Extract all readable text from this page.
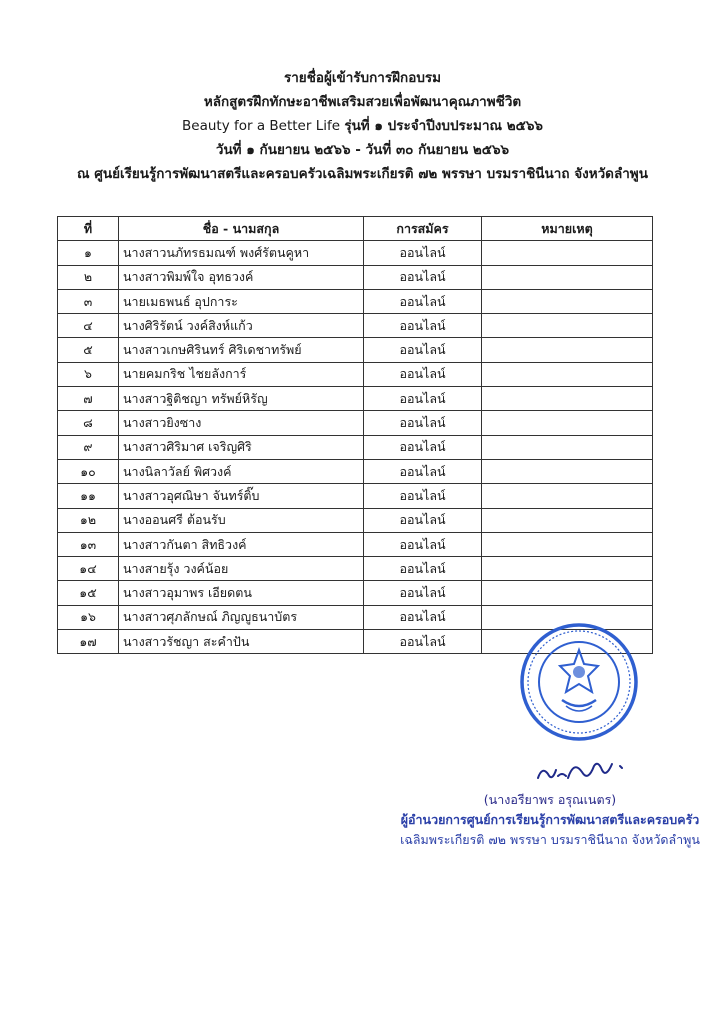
รายชื่อผู้เข้ารับการฝึกอบรม
หลักสูตรฝึกทักษะอาชีพเสริมสวยเพื่อพัฒนาคุณภาพชีวิต
Beauty for a Better Life รุ่นที่ ๑ ประจำปีงบประมาณ ๒๕๖๖
วันที่ ๑ กันยายน ๒๕๖๖ - วันที่ ๓๐ กันยายน ๒๕๖๖
ณ ศูนย์เรียนรู้การพัฒนาสตรีและครอบครัวเฉลิมพระเกียรติ ๗๒ พรรษา บรมราชินีนาถ จังหวัดลำพูน
ที่	ชื่อ - นามสกุล	การสมัคร	หมายเหตุ
๑	นางสาวนภัทรธมณฑ์ พงศ์รัตนคูหา	ออนไลน์	
๒	นางสาวพิมพ์ใจ อุทธวงค์	ออนไลน์	
๓	นายเมธพนธ์ อุปการะ	ออนไลน์	
๔	นางศิริรัตน์ วงค์สิงห์แก้ว	ออนไลน์	
๕	นางสาวเกษศิรินทร์ ศิริเดชาทรัพย์	ออนไลน์	
๖	นายคมกริช ไชยลังการ์	ออนไลน์	
๗	นางสาวฐิติชญา ทรัพย์หิรัญ	ออนไลน์	
๘	นางสาวยิงซาง	ออนไลน์	
๙	นางสาวศิริมาศ เจริญศิริ	ออนไลน์	
๑๐	นางนิลาวัลย์ พิศวงค์	ออนไลน์	
๑๑	นางสาวอุศณิษา จันทร์ติ๊บ	ออนไลน์	
๑๒	นางออนศรี ต้อนรับ	ออนไลน์	
๑๓	นางสาวกันตา สิทธิวงค์	ออนไลน์	
๑๔	นางสายรุ้ง วงค์น้อย	ออนไลน์	
๑๕	นางสาวอุมาพร เอียดตน	ออนไลน์	
๑๖	นางสาวศุภลักษณ์ ภิญญูธนาบัตร	ออนไลน์	
๑๗	นางสาวรัชญา สะคำปัน	ออนไลน์	
(นางอรียาพร อรุณเนตร)
ผู้อำนวยการศูนย์การเรียนรู้การพัฒนาสตรีและครอบครัว
เฉลิมพระเกียรติ ๗๒ พรรษา บรมราชินีนาถ จังหวัดลำพูน
